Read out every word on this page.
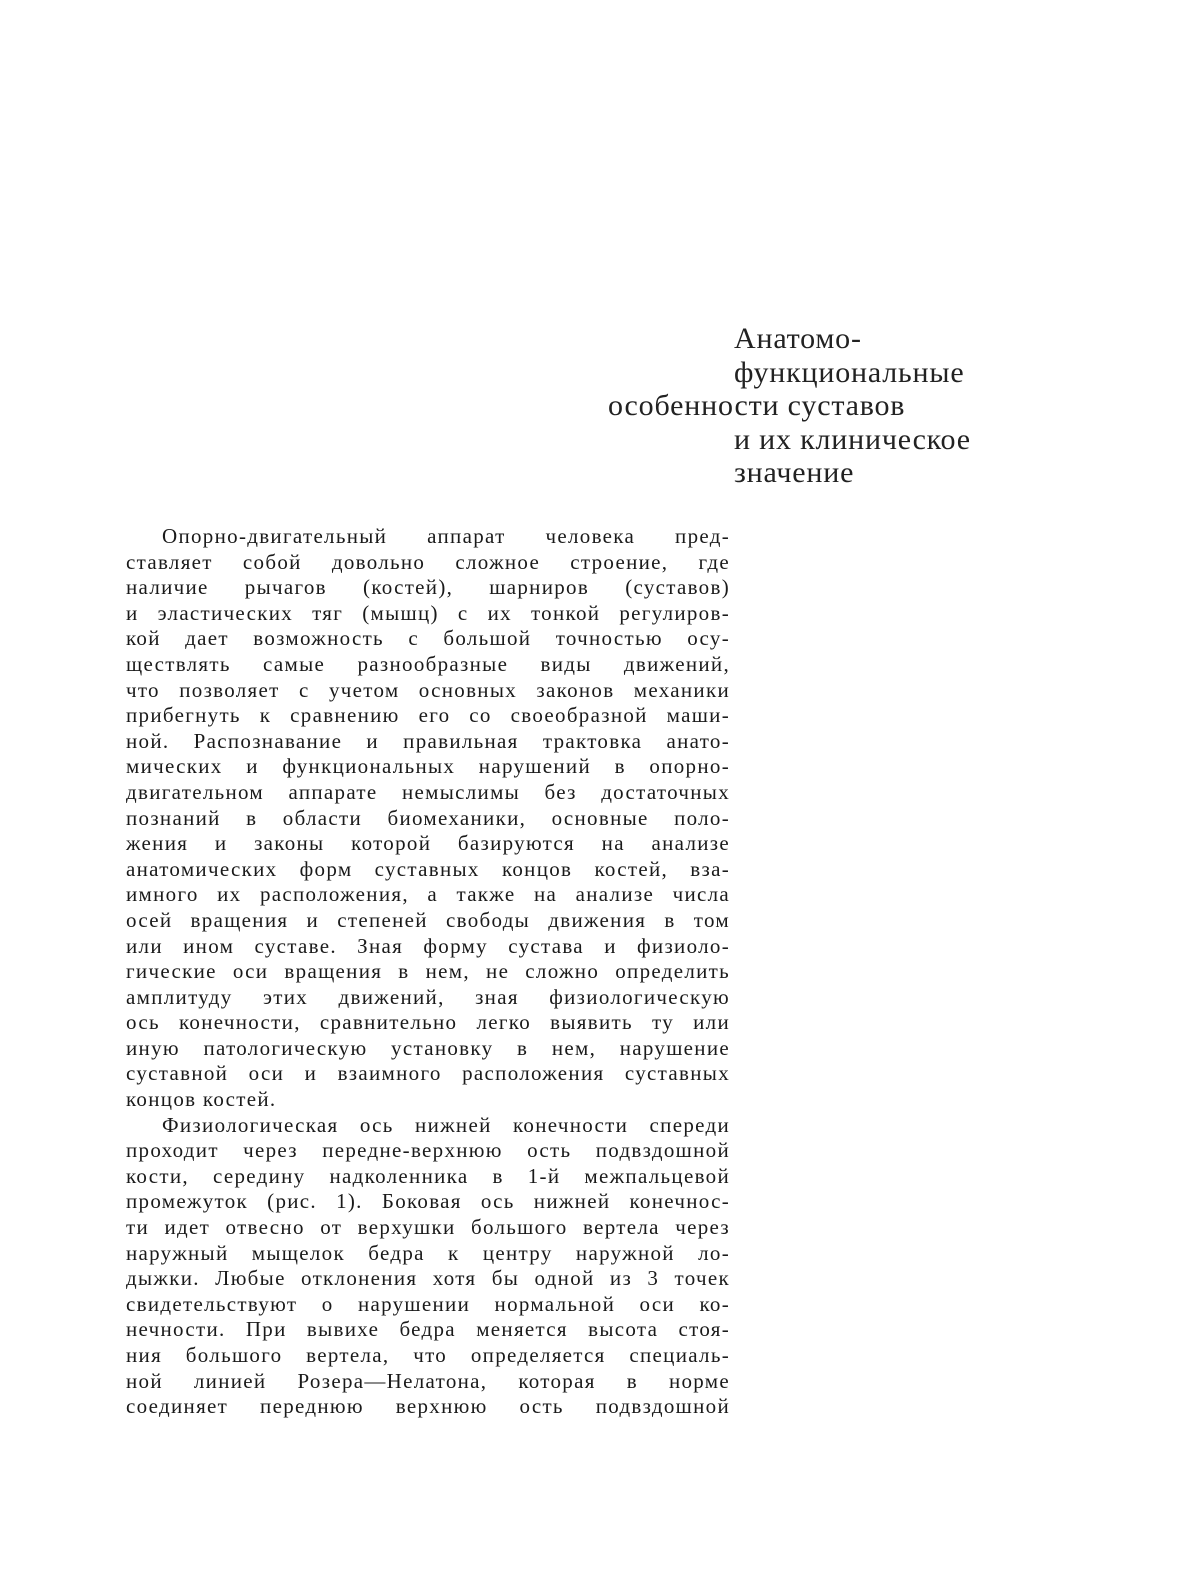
Анатомо-
функциональные
особенности суставов
и их клиническое
значение

Опорно-двигательный аппарат человека пред-
ставляет собой довольно сложное строение, где
наличие рычагов (костей), шарниров (суставов)
и эластических тяг (мышц) с их тонкой регулиров-
кой дает возможность с большой точностью осу-
ществлять самые разнообразные виды движений,
что позволяет с учетом основных законов механики
прибегнуть к сравнению его со своеобразной маши-
ной. Распознавание и правильная трактовка анато-
мических и функциональных нарушений в опорно-
двигательном аппарате немыслимы без достаточных
познаний в области биомеханики, основные поло-
жения и законы которой базируются на анализе
анатомических форм суставных концов костей, вза-
имного их расположения, а также на анализе числа
осей вращения и степеней свободы движения в том
или ином суставе. Зная форму сустава и физиоло-
гические оси вращения в нем, не сложно определить
амплитуду этих движений, зная физиологическую
ось конечности, сравнительно легко выявить ту или
иную патологическую установку в нем, нарушение
суставной оси и взаимного расположения суставных
концов костей.

Физиологическая ось нижней конечности спереди
проходит через передне-верхнюю ость подвздошной
кости, середину надколенника в 1-й межпальцевой
промежуток (рис. 1). Боковая ось нижней конечнос-
ти идет отвесно от верхушки большого вертела через
наружный мыщелок бедра к центру наружной ло-
дыжки. Любые отклонения хотя бы одной из 3 точек
свидетельствуют о нарушении нормальной оси ко-
нечности. При вывихе бедра меняется высота стоя-
ния большого вертела, что определяется специаль-
ной линией Розера—Нелатона, которая в норме
соединяет переднюю верхнюю ость подвздошной
